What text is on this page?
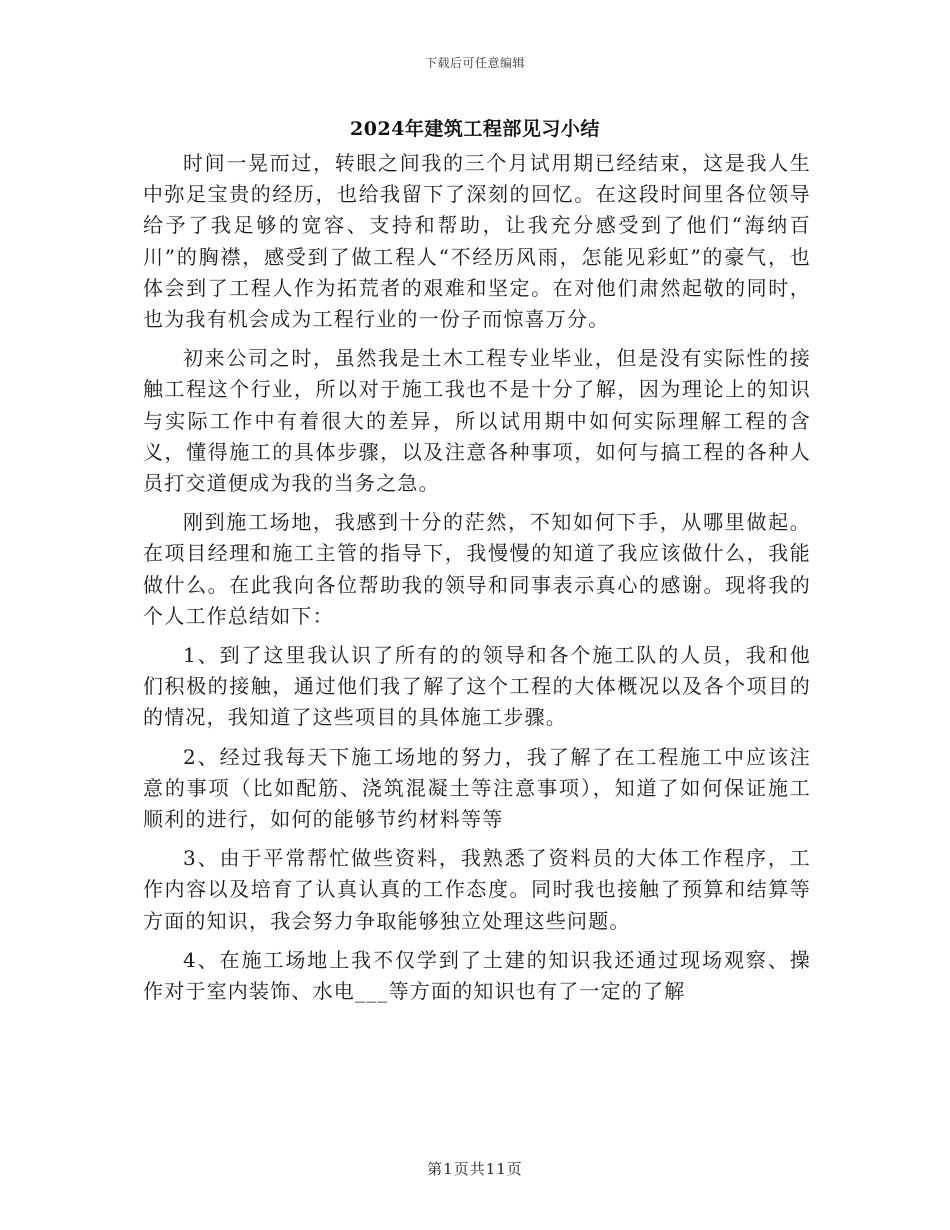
下载后可任意编辑
2024年建筑工程部见习小结

时间一晃而过，转眼之间我的三个月试用期已经结束，这是我人生中弥足宝贵的经历，也给我留下了深刻的回忆。在这段时间里各位领导给予了我足够的宽容、支持和帮助，让我充分感受到了他们“海纳百川”的胸襟，感受到了做工程人“不经历风雨，怎能见彩虹”的豪气，也体会到了工程人作为拓荒者的艰难和坚定。在对他们肃然起敬的同时，也为我有机会成为工程行业的一份子而惊喜万分。

初来公司之时，虽然我是土木工程专业毕业，但是没有实际性的接触工程这个行业，所以对于施工我也不是十分了解，因为理论上的知识与实际工作中有着很大的差异，所以试用期中如何实际理解工程的含义，懂得施工的具体步骤，以及注意各种事项，如何与搞工程的各种人员打交道便成为我的当务之急。

刚到施工场地，我感到十分的茫然，不知如何下手，从哪里做起。在项目经理和施工主管的指导下，我慢慢的知道了我应该做什么，我能做什么。在此我向各位帮助我的领导和同事表示真心的感谢。现将我的个人工作总结如下：

1、到了这里我认识了所有的的领导和各个施工队的人员，我和他们积极的接触，通过他们我了解了这个工程的大体概况以及各个项目的的情况，我知道了这些项目的具体施工步骤。

2、经过我每天下施工场地的努力，我了解了在工程施工中应该注意的事项（比如配筋、浇筑混凝土等注意事项），知道了如何保证施工顺利的进行，如何的能够节约材料等等

3、由于平常帮忙做些资料，我熟悉了资料员的大体工作程序，工作内容以及培育了认真认真的工作态度。同时我也接触了预算和结算等方面的知识，我会努力争取能够独立处理这些问题。

4、在施工场地上我不仅学到了土建的知识我还通过现场观察、操作对于室内装饰、水电___等方面的知识也有了一定的了解

第1页共11页
